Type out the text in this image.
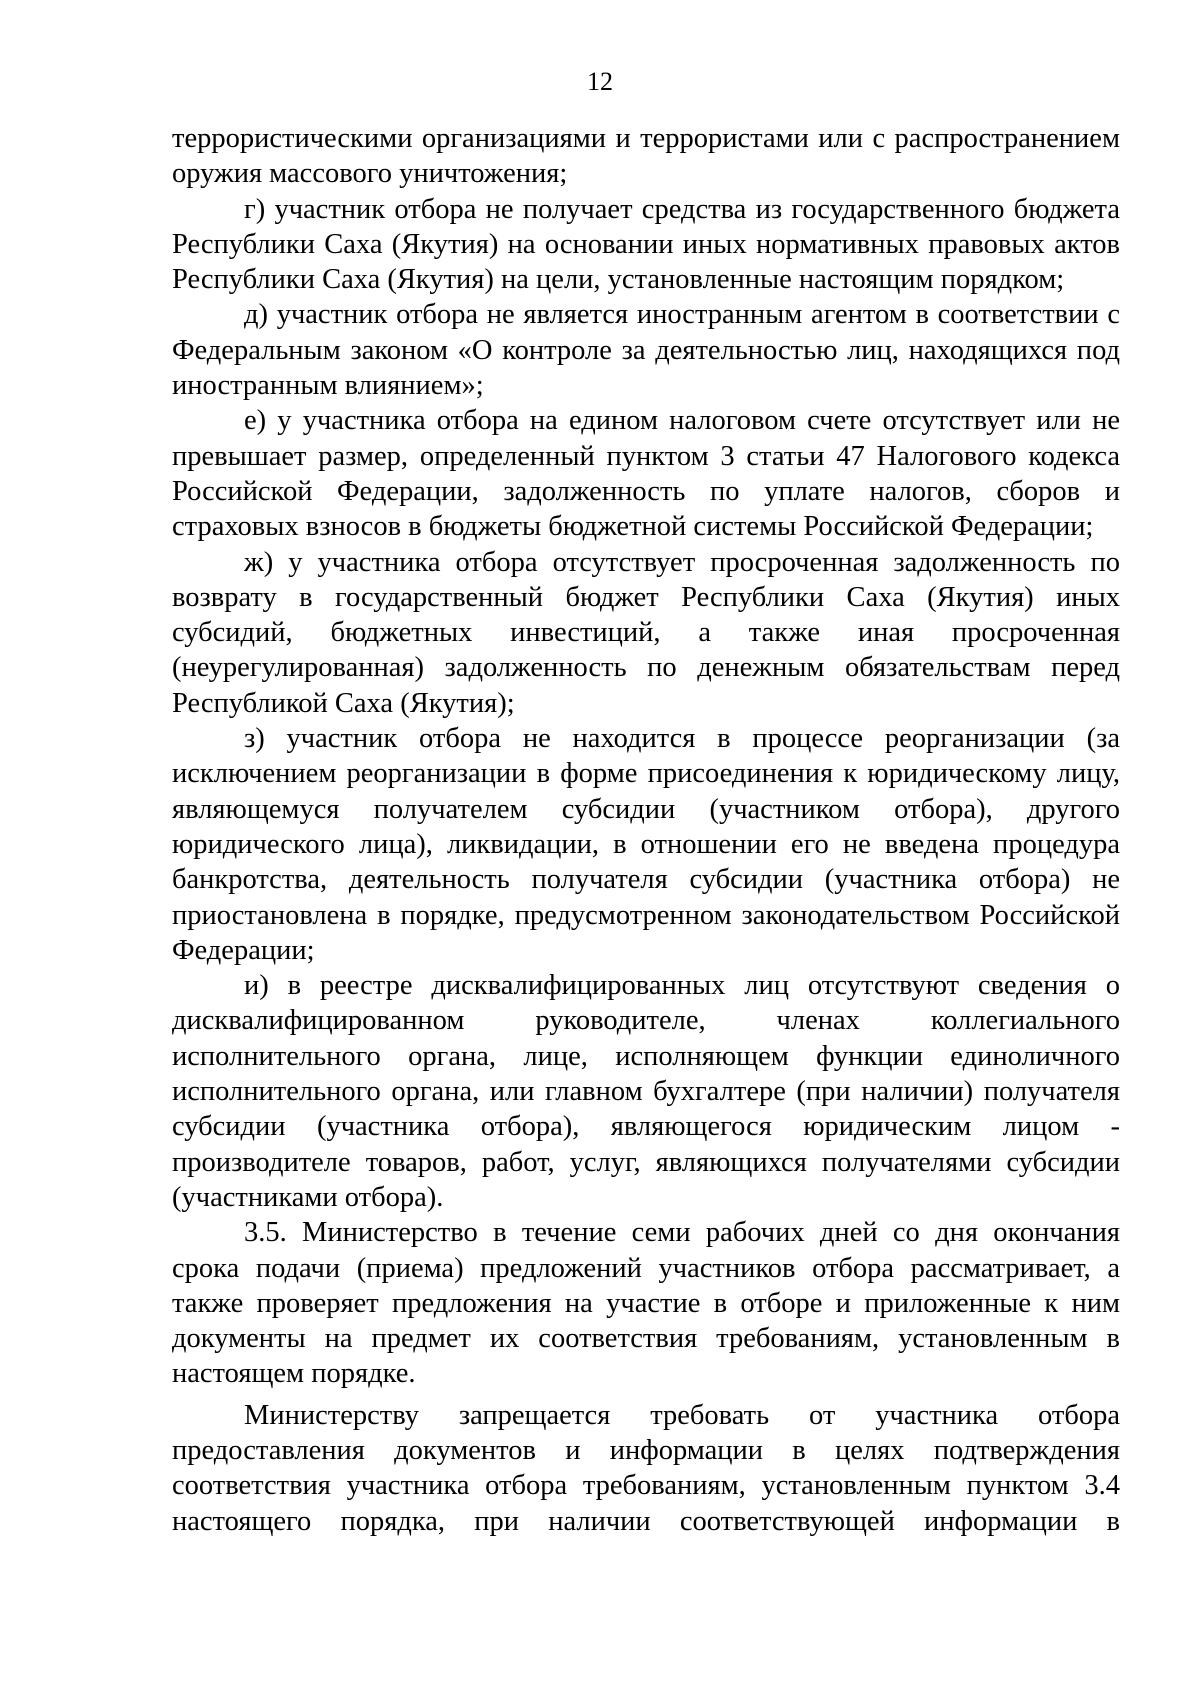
12

террористическими организациями и террористами или с распространением оружия массового уничтожения;

г) участник отбора не получает средства из государственного бюджета Республики Саха (Якутия) на основании иных нормативных правовых актов Республики Саха (Якутия) на цели, установленные настоящим порядком;

д) участник отбора не является иностранным агентом в соответствии с Федеральным законом «О контроле за деятельностью лиц, находящихся под иностранным влиянием»;

е) у участника отбора на едином налоговом счете отсутствует или не превышает размер, определенный пунктом 3 статьи 47 Налогового кодекса Российской Федерации, задолженность по уплате налогов, сборов и страховых взносов в бюджеты бюджетной системы Российской Федерации;

ж) у участника отбора отсутствует просроченная задолженность по возврату в государственный бюджет Республики Саха (Якутия) иных субсидий, бюджетных инвестиций, а также иная просроченная (неурегулированная) задолженность по денежным обязательствам перед Республикой Саха (Якутия);

з) участник отбора не находится в процессе реорганизации (за исключением реорганизации в форме присоединения к юридическому лицу, являющемуся получателем субсидии (участником отбора), другого юридического лица), ликвидации, в отношении его не введена процедура банкротства, деятельность получателя субсидии (участника отбора) не приостановлена в порядке, предусмотренном законодательством Российской Федерации;

и) в реестре дисквалифицированных лиц отсутствуют сведения о дисквалифицированном руководителе, членах коллегиального исполнительного органа, лице, исполняющем функции единоличного исполнительного органа, или главном бухгалтере (при наличии) получателя субсидии (участника отбора), являющегося юридическим лицом - производителе товаров, работ, услуг, являющихся получателями субсидии (участниками отбора).

3.5. Министерство в течение семи рабочих дней со дня окончания срока подачи (приема) предложений участников отбора рассматривает, а также проверяет предложения на участие в отборе и приложенные к ним документы на предмет их соответствия требованиям, установленным в настоящем порядке.

Министерству запрещается требовать от участника отбора предоставления документов и информации в целях подтверждения соответствия участника отбора требованиям, установленным пунктом 3.4 настоящего порядка, при наличии соответствующей информации в
